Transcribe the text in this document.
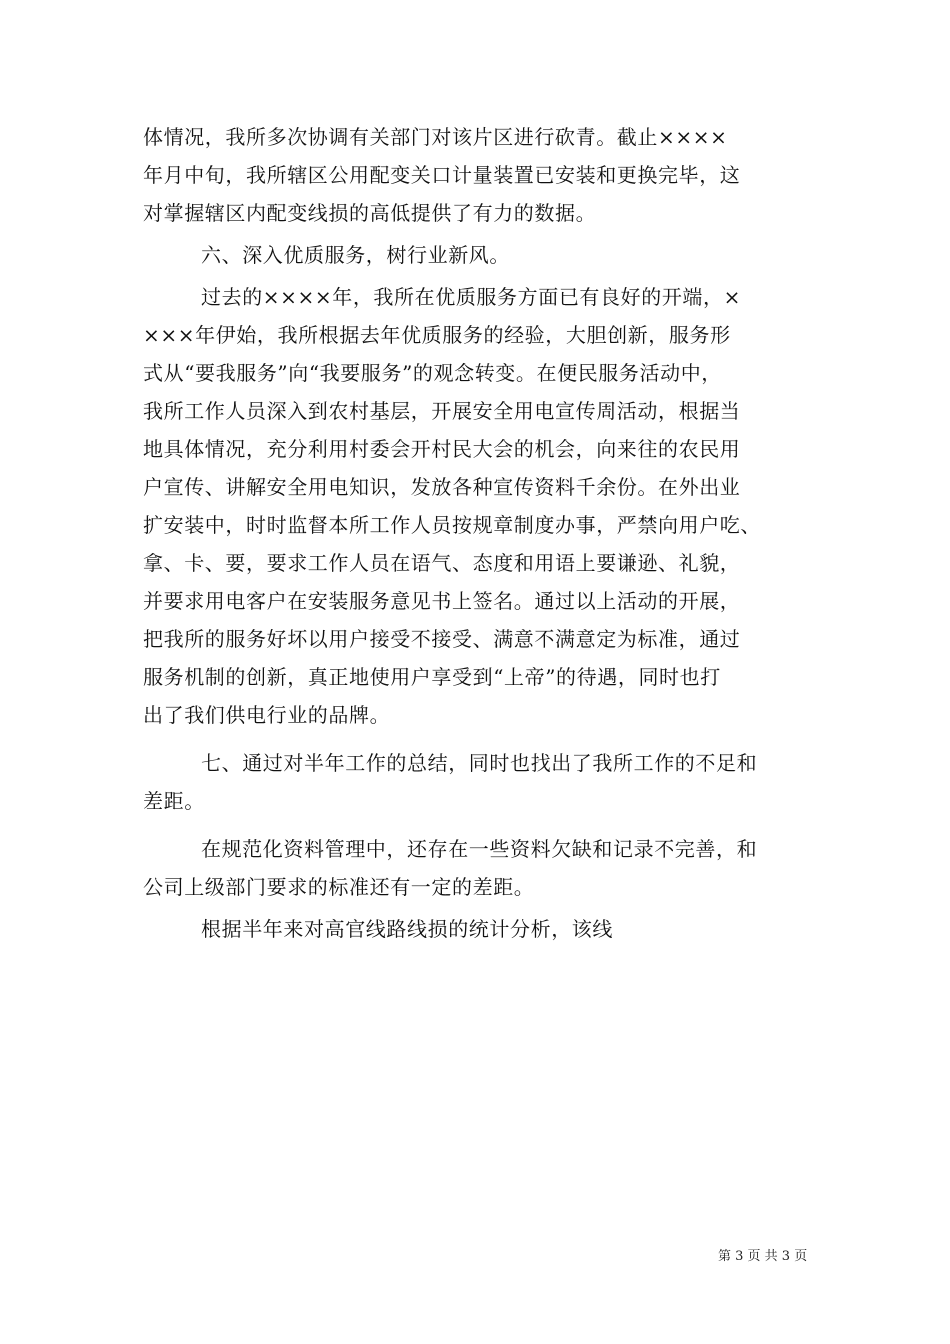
体情况，我所多次协调有关部门对该片区进行砍青。截止××××
年月中旬，我所辖区公用配变关口计量装置已安装和更换完毕，这
对掌握辖区内配变线损的高低提供了有力的数据。
六、深入优质服务，树行业新风。
过去的××××年，我所在优质服务方面已有良好的开端，×
×××年伊始，我所根据去年优质服务的经验，大胆创新，服务形
式从“要我服务”向“我要服务”的观念转变。在便民服务活动中，
我所工作人员深入到农村基层，开展安全用电宣传周活动，根据当
地具体情况，充分利用村委会开村民大会的机会，向来往的农民用
户宣传、讲解安全用电知识，发放各种宣传资料千余份。在外出业
扩安装中，时时监督本所工作人员按规章制度办事，严禁向用户吃、
拿、卡、要，要求工作人员在语气、态度和用语上要谦逊、礼貌，
并要求用电客户在安装服务意见书上签名。通过以上活动的开展，
把我所的服务好坏以用户接受不接受、满意不满意定为标准，通过
服务机制的创新，真正地使用户享受到“上帝”的待遇，同时也打
出了我们供电行业的品牌。
七、通过对半年工作的总结，同时也找出了我所工作的不足和
差距。
在规范化资料管理中，还存在一些资料欠缺和记录不完善，和
公司上级部门要求的标准还有一定的差距。
根据半年来对高官线路线损的统计分析，该线
第 3 页 共 3 页
